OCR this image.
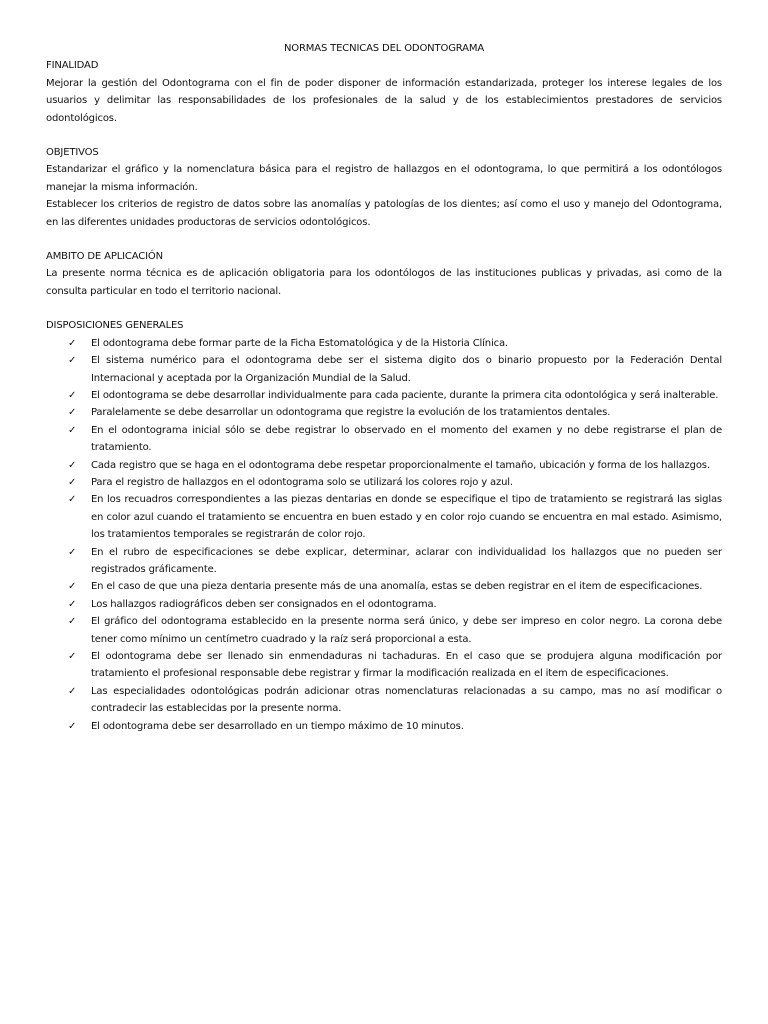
NORMAS TECNICAS DEL ODONTOGRAMA
FINALIDAD

Mejorar la gestión del Odontograma con el fin de poder disponer de información estandarizada, proteger los interese legales de los usuarios y delimitar las responsabilidades de los profesionales de la salud y de los establecimientos prestadores de servicios odontológicos.

OBJETIVOS

Estandarizar el gráfico y la nomenclatura básica para el registro de hallazgos en el odontograma, lo que permitirá a los odontólogos manejar la misma información.

Establecer los criterios de registro de datos sobre las anomalías y patologías de los dientes; así como el uso y manejo del Odontograma, en las diferentes unidades productoras de servicios odontológicos.

AMBITO DE APLICACIÓN

La presente norma técnica es de aplicación obligatoria para los odontólogos de las instituciones publicas y privadas, asi como de la consulta particular en todo el territorio nacional.

DISPOSICIONES GENERALES
✓ El odontograma debe formar parte de la Ficha Estomatológica y de la Historia Clínica.
✓ El sistema numérico para el odontograma debe ser el sistema digito dos o binario propuesto por la Federación Dental Internacional y aceptada por la Organización Mundial de la Salud.
✓ El odontograma se debe desarrollar individualmente para cada paciente, durante la primera cita odontológica y será inalterable.
✓ Paralelamente se debe desarrollar un odontograma que registre la evolución de los tratamientos dentales.
✓ En el odontograma inicial sólo se debe registrar lo observado en el momento del examen y no debe registrarse el plan de tratamiento.
✓ Cada registro que se haga en el odontograma debe respetar proporcionalmente el tamaño, ubicación y forma de los hallazgos.
✓ Para el registro de hallazgos en el odontograma solo se utilizará los colores rojo y azul.
✓ En los recuadros correspondientes a las piezas dentarias en donde se especifique el tipo de tratamiento se registrará las siglas en color azul cuando el tratamiento se encuentra en buen estado y en color rojo cuando se encuentra en mal estado. Asimismo, los tratamientos temporales se registrarán de color rojo.
✓ En el rubro de especificaciones se debe explicar, determinar, aclarar con individualidad los hallazgos que no pueden ser registrados gráficamente.
✓ En el caso de que una pieza dentaria presente más de una anomalía, estas se deben registrar en el item de especificaciones.
✓ Los hallazgos radiográficos deben ser consignados en el odontograma.
✓ El gráfico del odontograma establecido en la presente norma será único, y debe ser impreso en color negro. La corona debe tener como mínimo un centímetro cuadrado y la raíz será proporcional a esta.
✓ El odontograma debe ser llenado sin enmendaduras ni tachaduras. En el caso que se produjera alguna modificación por tratamiento el profesional responsable debe registrar y firmar la modificación realizada en el item de especificaciones.
✓ Las especialidades odontológicas podrán adicionar otras nomenclaturas relacionadas a su campo, mas no así modificar o contradecir las establecidas por la presente norma.
✓ El odontograma debe ser desarrollado en un tiempo máximo de 10 minutos.
